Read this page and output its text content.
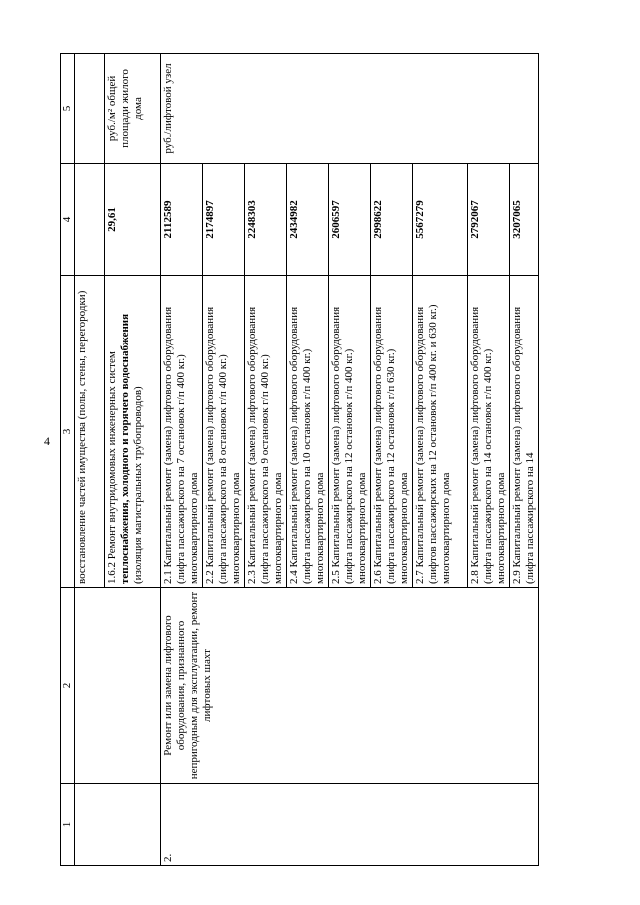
4
1	2	3	4	5
		восстановление частей имущества (полы, стены, перегородки)		
		1.6.2 Ремонт внутридомовых инженерных систем теплоснабжения, холодного и горячего водоснабжения (изоляция магистральных трубопроводов)	29,61	руб./м² общей площади жилого дома
2.	Ремонт или замена лифтового оборудования, признанного непригодным для эксплуатации, ремонт лифтовых шахт	2.1 Капитальный ремонт (замена) лифтового оборудования (лифта пассажирского на 7 остановок г/п 400 кг.) многоквартирного дома	2112589	руб./лифтовой узел
		2.2 Капитальный ремонт (замена) лифтового оборудования (лифта пассажирского на 8 остановок г/п 400 кг.) многоквартирного дома	2174897	
		2.3 Капитальный ремонт (замена) лифтового оборудования (лифта пассажирского на 9 остановок г/п 400 кг.) многоквартирного дома	2248303	
		2.4 Капитальный ремонт (замена) лифтового оборудования (лифта пассажирского на 10 остановок г/п 400 кг.) многоквартирного дома	2434982	
		2.5 Капитальный ремонт (замена) лифтового оборудования (лифта пассажирского на 12 остановок г/п 400 кг.) многоквартирного дома	2606597	
		2.6 Капитальный ремонт (замена) лифтового оборудования (лифта пассажирского на 12 остановок г/п 630 кг.) многоквартирного дома	2998622	
		2.7 Капитальный ремонт (замена) лифтового оборудования (лифтов пассажирских на 12 остановок г/п 400 кг. и 630 кг.) многоквартирного дома	5567279	
		2.8 Капитальный ремонт (замена) лифтового оборудования (лифта пассажирского на 14 остановок г/п 400 кг.) многоквартирного дома	2792067	
		2.9 Капитальный ремонт (замена) лифтового оборудования (лифта пассажирского на 14	3207065	
